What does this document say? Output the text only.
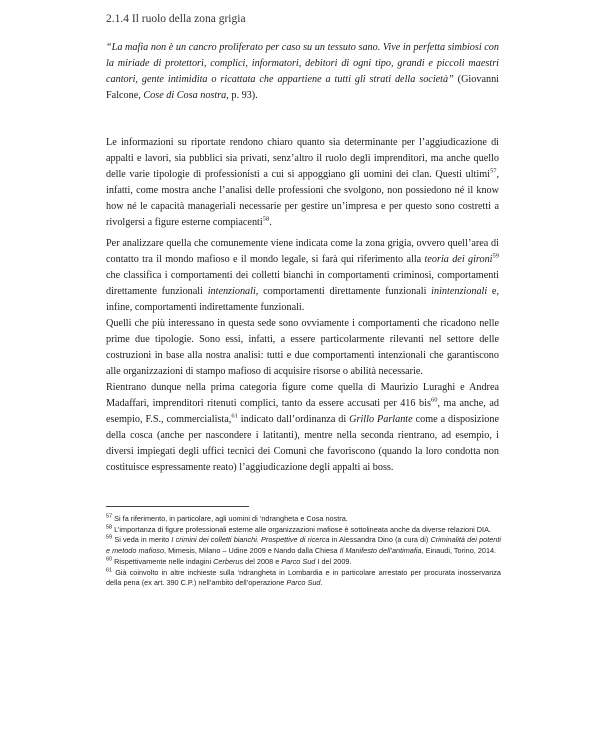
2.1.4 Il ruolo della zona grigia
“La mafia non è un cancro proliferato per caso su un tessuto sano. Vive in perfetta simbiosi con la miriade di protettori, complici, informatori, debitori di ogni tipo, grandi e piccoli maestri cantori, gente intimidita o ricattata che appartiene a tutti gli strati della società” (Giovanni Falcone, Cose di Cosa nostra, p. 93).
Le informazioni su riportate rendono chiaro quanto sia determinante per l’aggiudicazione di appalti e lavori, sia pubblici sia privati, senz’altro il ruolo degli imprenditori, ma anche quello delle varie tipologie di professionisti a cui si appoggiano gli uomini dei clan. Questi ultimi$^{57}$, infatti, come mostra anche l’analisi delle professioni che svolgono, non possiedono né il know how né le capacità manageriali necessarie per gestire un’impresa e per questo sono costretti a rivolgersi a figure esterne compiacenti$^{58}$.
Per analizzare quella che comunemente viene indicata come la zona grigia, ovvero quell’area di contatto tra il mondo mafioso e il mondo legale, si farà qui riferimento alla teoria dei gironi$^{59}$ che classifica i comportamenti dei colletti bianchi in comportamenti criminosi, comportamenti direttamente funzionali intenzionali, comportamenti direttamente funzionali inintenzionali e, infine, comportamenti indirettamente funzionali.
Quelli che più interessano in questa sede sono ovviamente i comportamenti che ricadono nelle prime due tipologie. Sono essi, infatti, a essere particolarmente rilevanti nel settore delle costruzioni in base alla nostra analisi: tutti e due comportamenti intenzionali che garantiscono alle organizzazioni di stampo mafioso di acquisire risorse o abilità necessarie.
Rientrano dunque nella prima categoria figure come quella di Maurizio Luraghi e Andrea Madaffari, imprenditori ritenuti complici, tanto da essere accusati per 416 bis$^{60}$, ma anche, ad esempio, F.S., commercialista,$^{61}$ indicato dall’ordinanza di Grillo Parlante come a disposizione della cosca (anche per nascondere i latitanti), mentre nella seconda rientrano, ad esempio, i diversi impiegati degli uffici tecnici dei Comuni che favoriscono (quando la loro condotta non costituisce espressamente reato) l’aggiudicazione degli appalti ai boss.

$^{57}$ Si fa riferimento, in particolare, agli uomini di ‘ndrangheta e Cosa nostra.

$^{58}$ L’importanza di figure professionali esterne alle organizzazioni mafiose è sottolineata anche da diverse relazioni DIA.

$^{59}$ Si veda in merito I crimini dei colletti bianchi. Prospettive di ricerca in Alessandra Dino (a cura di) Criminalità dei potenti e metodo mafioso, Mimesis, Milano – Udine 2009 e Nando dalla Chiesa Il Manifesto dell’antimafia, Einaudi, Torino, 2014.

$^{60}$ Rispettivamente nelle indagini Cerberus del 2008 e Parco Sud I del 2009.

$^{61}$ Già coinvolto in altre inchieste sulla ‘ndrangheta in Lombardia e in particolare arrestato per procurata inosservanza della pena (ex art. 390 C.P.) nell’ambito dell’operazione Parco Sud.
